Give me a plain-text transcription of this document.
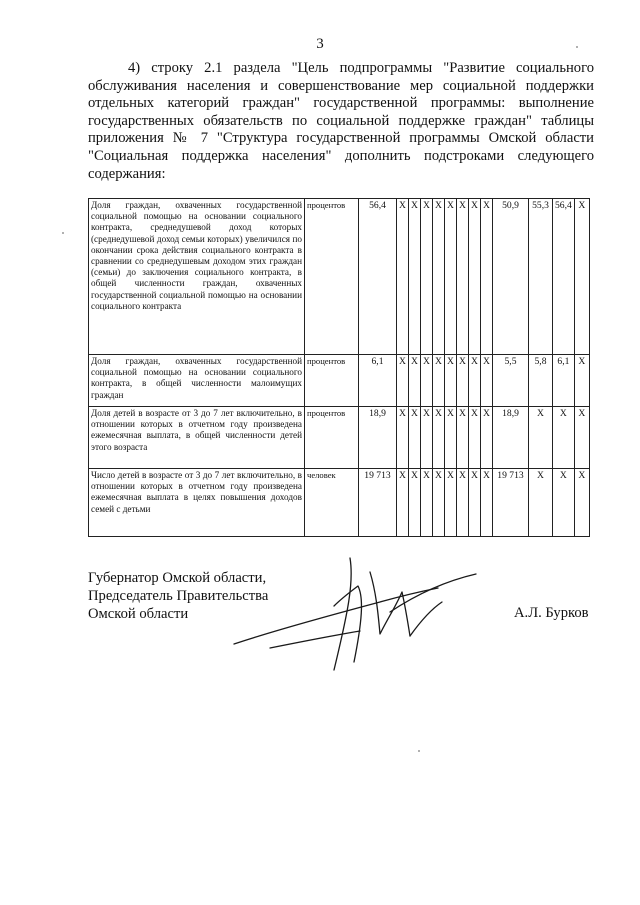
3

4) строку 2.1 раздела "Цель подпрограммы "Развитие социального обслуживания населения и совершенствование мер социальной поддержки отдельных категорий граждан" государственной программы: выполнение государственных обязательств по социальной поддержке граждан" таблицы приложения № 7 "Структура государственной программы Омской области "Социальная поддержка населения" дополнить подстроками следующего содержания:

Доля граждан, охваченных государственной социальной помощью на основании социального контракта, среднедушевой доход которых (среднедушевой доход семьи которых) увеличился по окончании срока действия социального контракта в сравнении со среднедушевым доходом этих граждан (семьи) до заключения социального контракта, в общей численности граждан, охваченных государственной социальной помощью на основании социального контракта	процентов	56,4	X	X	X	X	X	X	X	X	50,9	55,3	56,4	X
Доля граждан, охваченных государственной социальной помощью на основании социального контракта, в общей численности малоимущих граждан	процентов	6,1	X	X	X	X	X	X	X	X	5,5	5,8	6,1	X
Доля детей в возрасте от 3 до 7 лет включительно, в отношении которых в отчетном году произведена ежемесячная выплата, в общей численности детей этого возраста	процентов	18,9	X	X	X	X	X	X	X	X	18,9	X	X	X
Число детей в возрасте от 3 до 7 лет включительно, в отношении которых в отчетном году произведена ежемесячная выплата в целях повышения доходов семей с детьми	человек	19 713	X	X	X	X	X	X	X	X	19 713	X	X	X
Губернатор Омской области,
Председатель Правительства
Омской области	А.Л. Бурков
